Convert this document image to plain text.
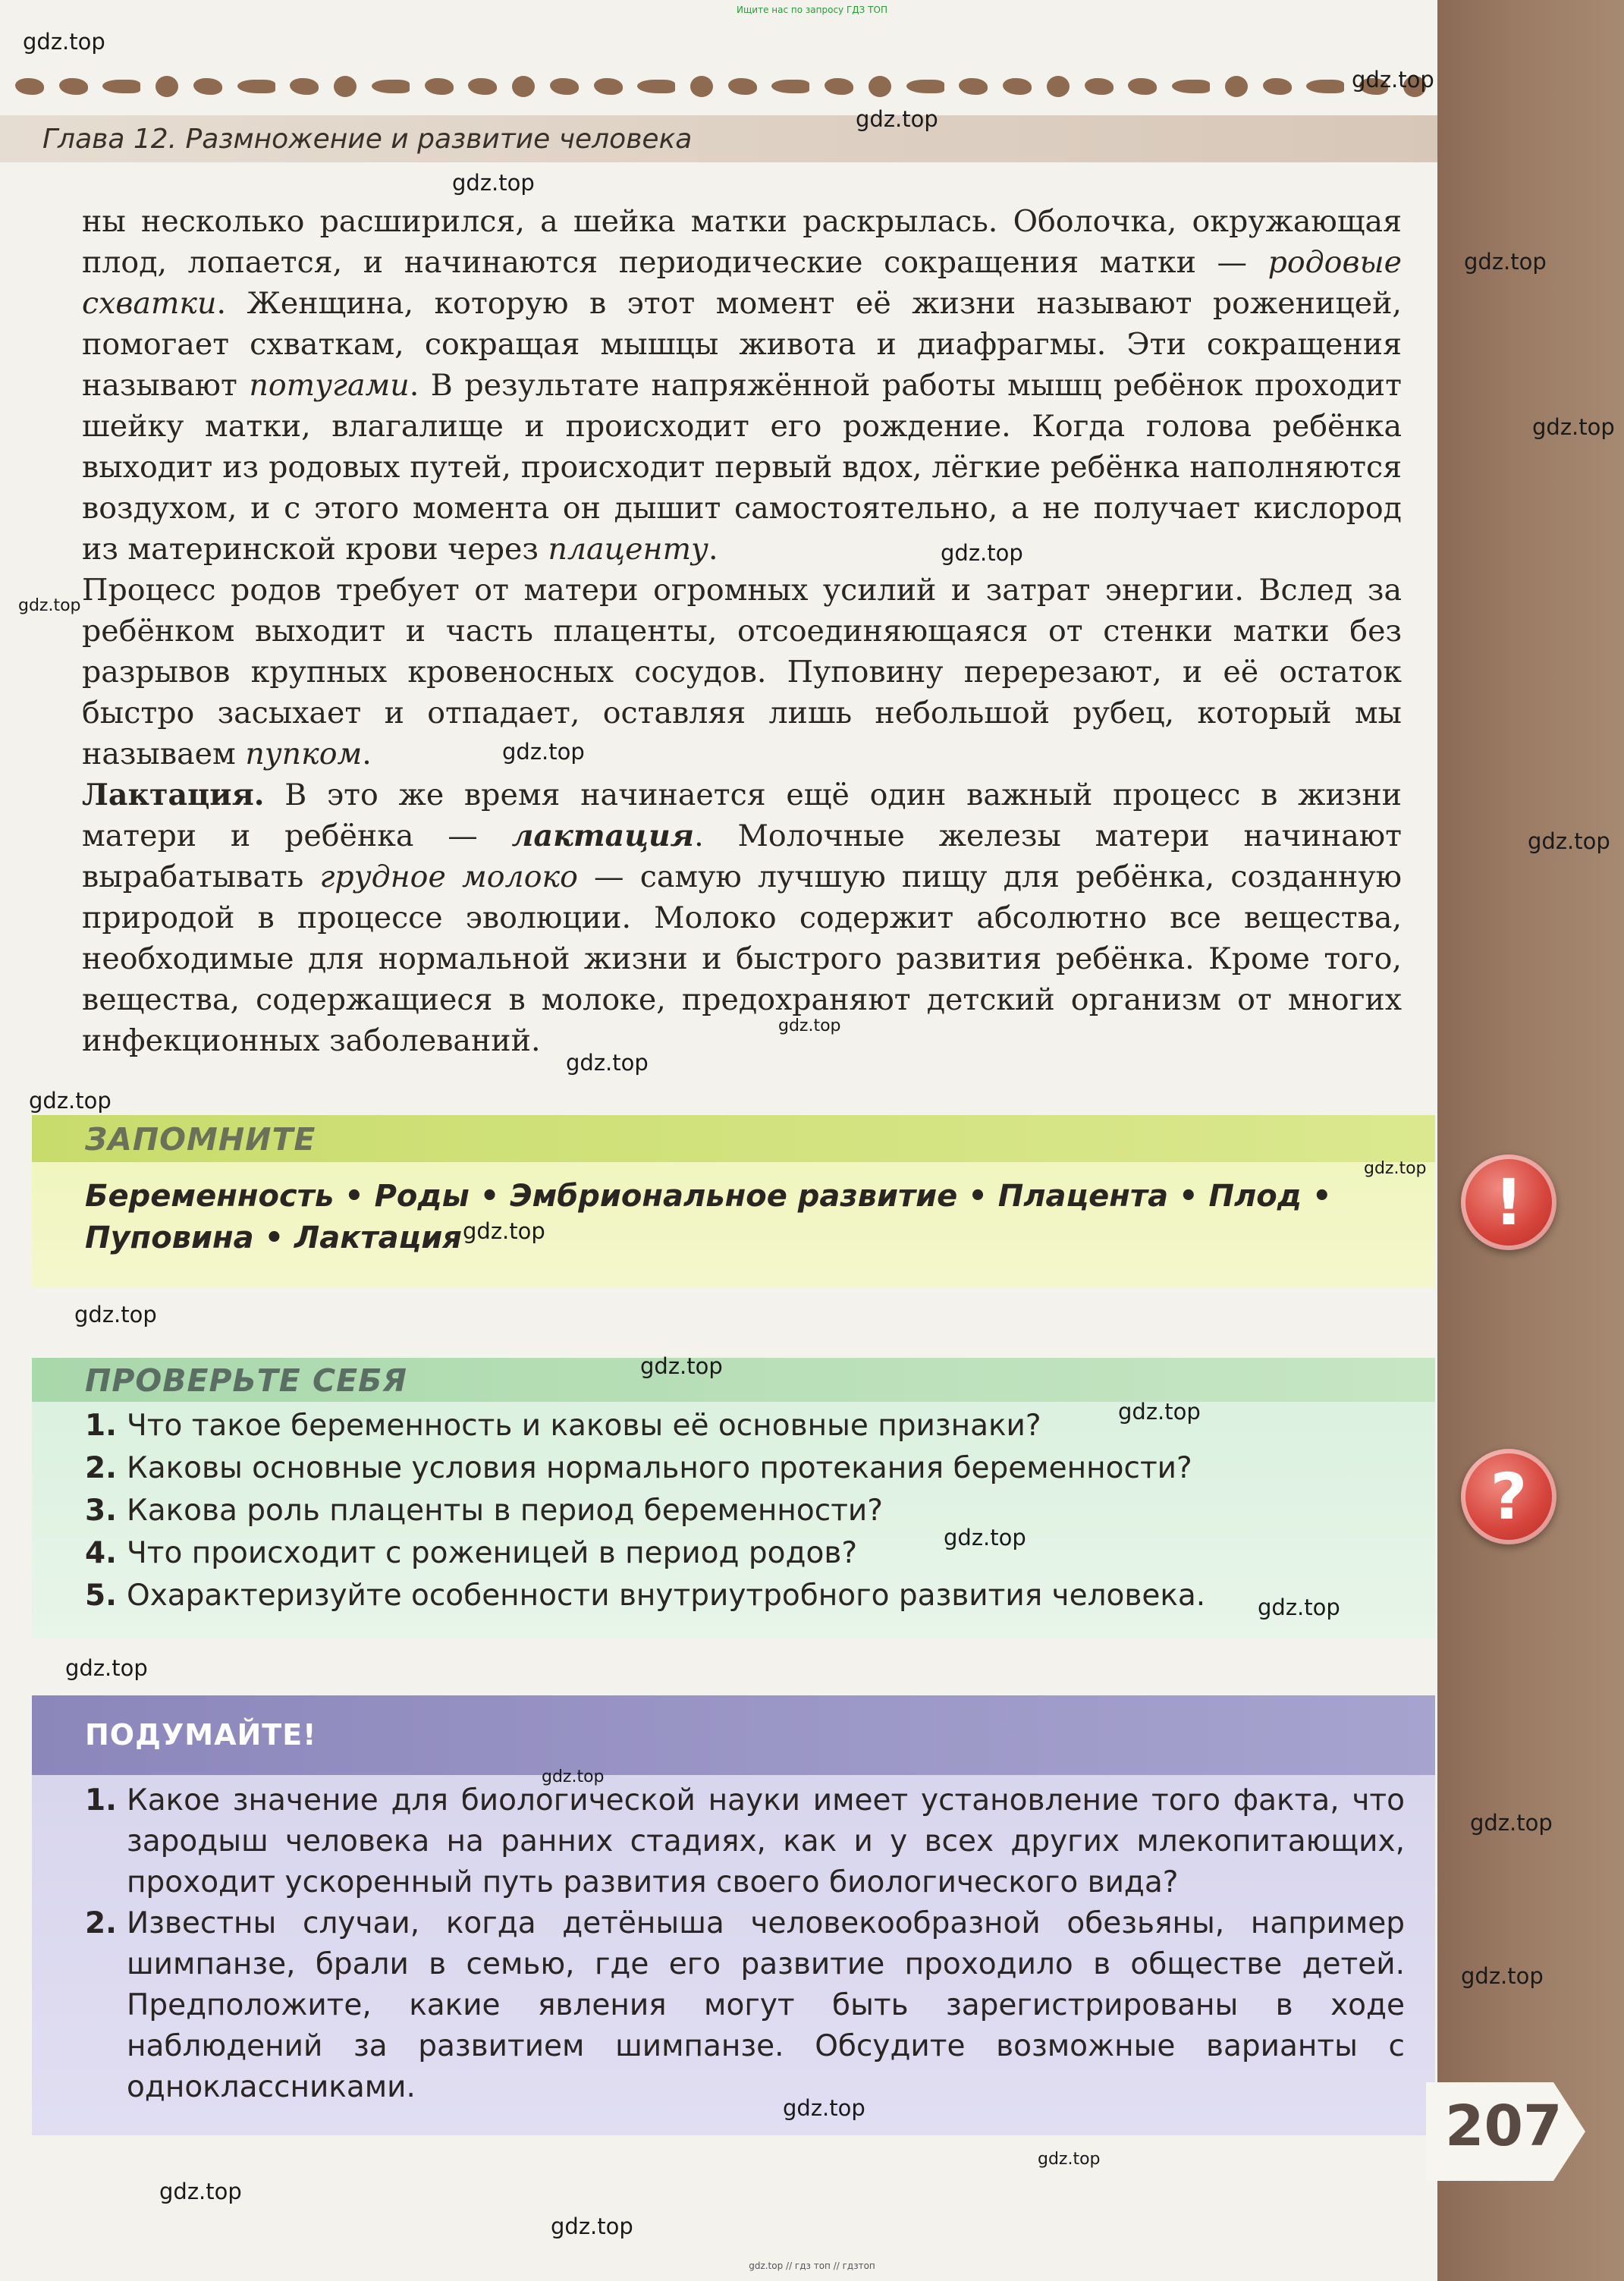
Ищите нас по запросу ГДЗ ТОП
Глава 12. Размножение и развитие человека

ны несколько расширился, а шейка матки раскрылась. Оболочка, окружающая плод, лопается, и начинаются периодические сокращения матки — родовые схватки. Женщина, которую в этот момент её жизни называют роженицей, помогает схваткам, сокращая мышцы живота и диафрагмы. Эти сокращения называют потугами. В результате напряжённой работы мышц ребёнок проходит шейку матки, влагалище и происходит его рождение. Когда голова ребёнка выходит из родовых путей, происходит первый вдох, лёгкие ребёнка наполняются воздухом, и с этого момента он дышит самостоятельно, а не получает кислород из материнской крови через плаценту.

Процесс родов требует от матери огромных усилий и затрат энергии. Вслед за ребёнком выходит и часть плаценты, отсоединяющаяся от стенки матки без разрывов крупных кровеносных сосудов. Пуповину перерезают, и её остаток быстро засыхает и отпадает, оставляя лишь небольшой рубец, который мы называем пупком.

Лактация. В это же время начинается ещё один важный процесс в жизни матери и ребёнка — лактация. Молочные железы матери начинают вырабатывать грудное молоко — самую лучшую пищу для ребёнка, созданную природой в процессе эволюции. Молоко содержит абсолютно все вещества, необходимые для нормальной жизни и быстрого развития ребёнка. Кроме того, вещества, содержащиеся в молоке, предохраняют детский организм от многих инфекционных заболеваний.

ЗАПОМНИТЕ
Беременность • Роды • Эмбриональное развитие • Плацента • Плод • Пуповина • Лактация
ПРОВЕРЬТЕ СЕБЯ
1. Что такое беременность и каковы её основные признаки?
2. Каковы основные условия нормального протекания беременности?
3. Какова роль плаценты в период беременности?
4. Что происходит с роженицей в период родов?
5. Охарактеризуйте особенности внутриутробного развития человека.
ПОДУМАЙТЕ!
1. Какое значение для биологической науки имеет установление того факта, что зародыш человека на ранних стадиях, как и у всех других млекопитающих, проходит ускоренный путь развития своего биологического вида?
2. Известны случаи, когда детёныша человекообразной обезьяны, например шимпанзе, брали в семью, где его развитие проходило в обществе детей. Предположите, какие явления могут быть зарегистрированы в ходе наблюдений за развитием шимпанзе. Обсудите возможные варианты с одноклассниками.
!
?
207
gdz.top
gdz.top
gdz.top
gdz.top
gdz.top
gdz.top
gdz.top
gdz.top
gdz.top
gdz.top
gdz.top
gdz.top
gdz.top
gdz.top
gdz.top
gdz.top
gdz.top
gdz.top
gdz.top
gdz.top
gdz.top
gdz.top
gdz.top
gdz.top
gdz.top
gdz.top
gdz.top
gdz.top
gdz.top // гдз топ // гдзтоп
